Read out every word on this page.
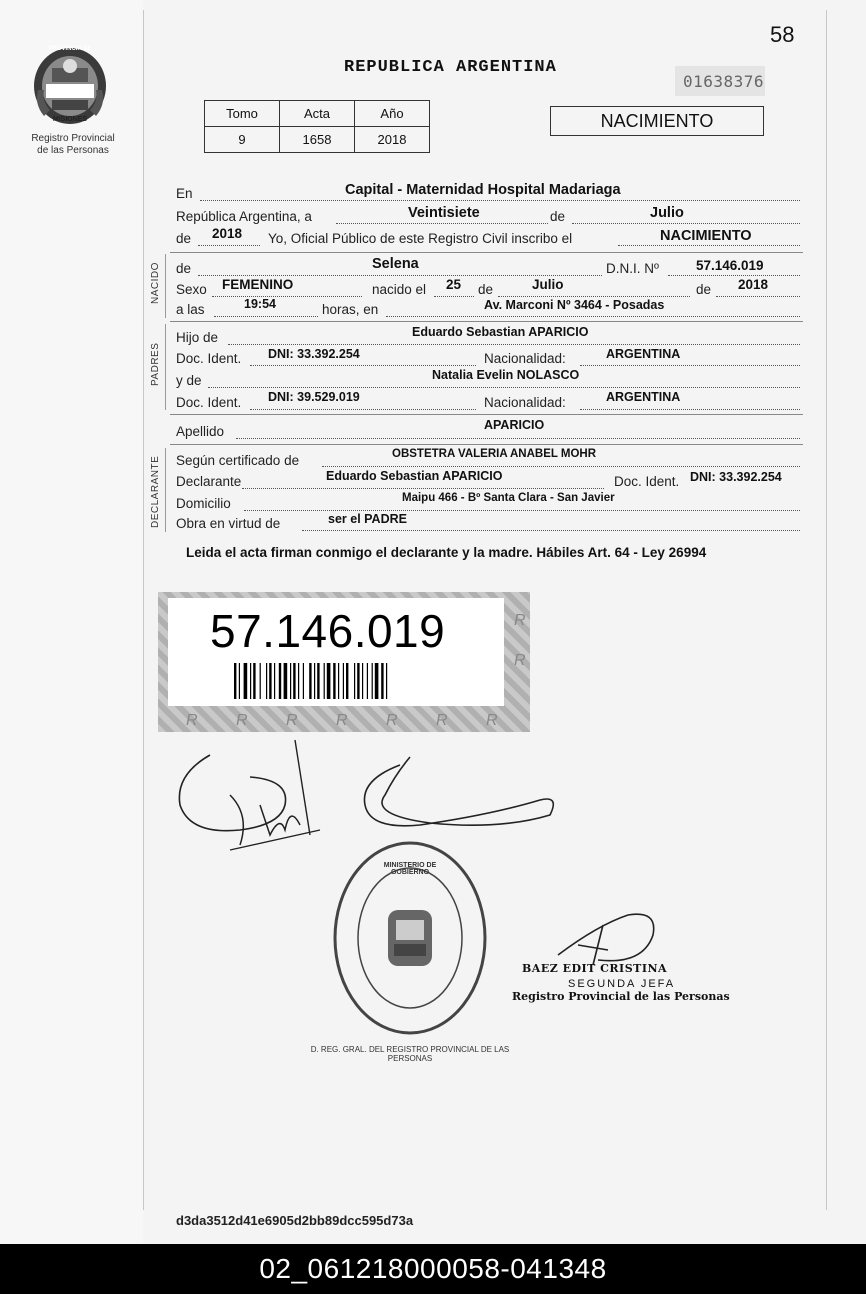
PROVINCIA DE
MISIONES
Registro Provincial
de las Personas
58
REPUBLICA ARGENTINA
01638376
Tomo	Acta	Año
9	1658	2018
NACIMIENTO
En	Capital - Maternidad Hospital Madariaga
República Argentina, a	Veintisiete	de	Julio
de 2018 Yo, Oficial Público de este Registro Civil inscribo el	NACIMIENTO
NACIDO de	Selena	D.N.I. Nº	57.146.019
Sexo FEMENINO	nacido el 25 de	Julio	de 2018
a las	19:54	horas, en	Av. Marconi Nº 3464 - Posadas
PADRES
Hijo de	Eduardo Sebastian APARICIO
Doc. Ident. DNI: 33.392.254	Nacionalidad:	ARGENTINA
y de	Natalia Evelin NOLASCO
Doc. Ident. DNI: 39.529.019	Nacionalidad:	ARGENTINA
Apellido	APARICIO
DECLARANTE Según certificado de	OBSTETRA VALERIA ANABEL MOHR
Declarante	Eduardo Sebastian APARICIO	Doc. Ident. DNI: 33.392.254
Domicilio	Maipu 466 - Bº Santa Clara - San Javier
Obra en virtud de	ser el PADRE
Leida el acta firman conmigo el declarante y la madre. Hábiles Art. 64 - Ley 26994
R
R
R R R R R R R
57.146.019
D. REG. GRAL. DEL REGISTRO PROVINCIAL DE LAS PERSONAS
MINISTERIO DE GOBIERNO
BAEZ EDIT CRISTINA
SEGUNDA JEFA
Registro Provincial de las Personas
d3da3512d41e6905d2bb89dcc595d73a
02_061218000058-041348
